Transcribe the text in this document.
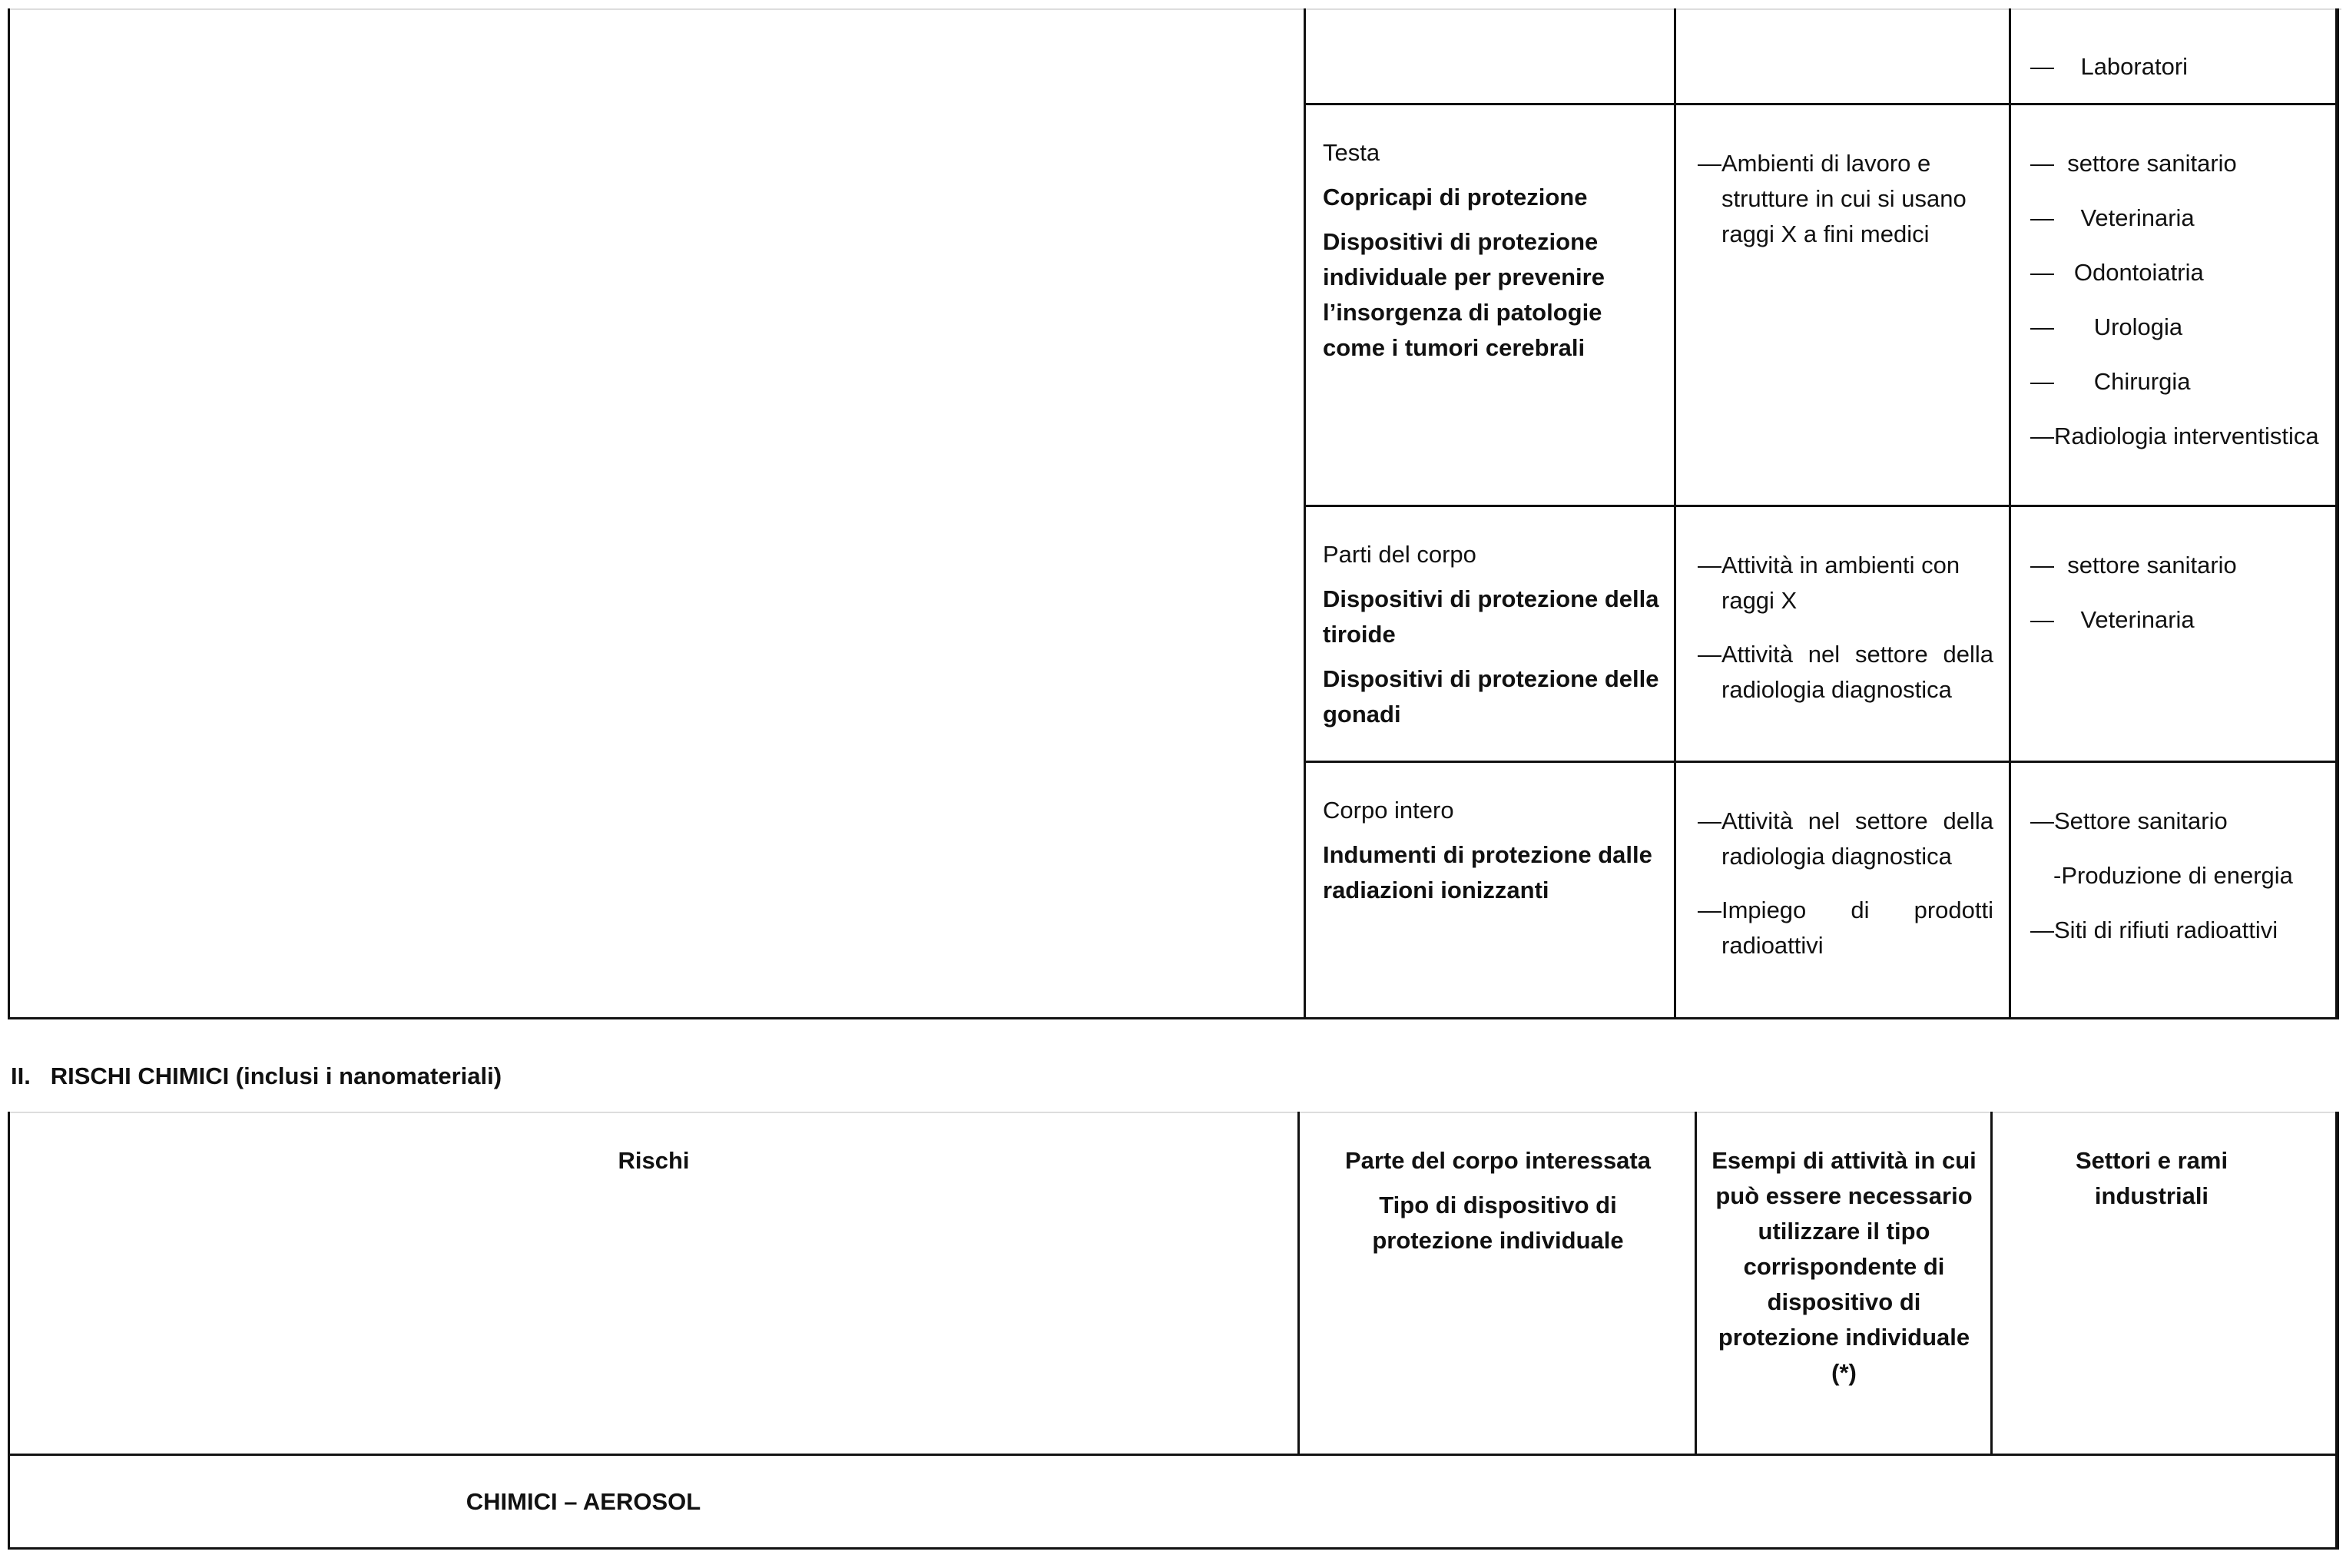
— Laboratori

Testa

Copricapi di protezione

Dispositivi di protezione individuale per prevenire l’insorgenza di patologie come i tumori cerebrali

— Ambienti di lavoro e strutture in cui si usano raggi X a fini medici
— settore sanitario
— Veterinaria
— Odontoiatria
— Urologia
— Chirurgia
— Radiologia interventistica

Parti del corpo

Dispositivi di protezione della tiroide

Dispositivi di protezione delle gonadi

— Attività in ambienti con raggi X
— Attività nel settore della radiologia diagnostica
— settore sanitario
— Veterinaria

Corpo intero

Indumenti di protezione dalle radiazioni ionizzanti

— Attività nel settore della radiologia diagnostica
— Impiego di prodotti radioattivi
—Settore sanitario
-Produzione di energia
—Siti di rifiuti radioattivi
II. RISCHI CHIMICI (inclusi i nanomateriali)

Rischi	Parte del corpo interessata

Tipo di dispositivo di protezione individuale

Esempi di attività in cui può essere necessario utilizzare il tipo corrispondente di dispositivo di protezione individuale (*)

Settori e rami industriali

CHIMICI – AEROSOL
